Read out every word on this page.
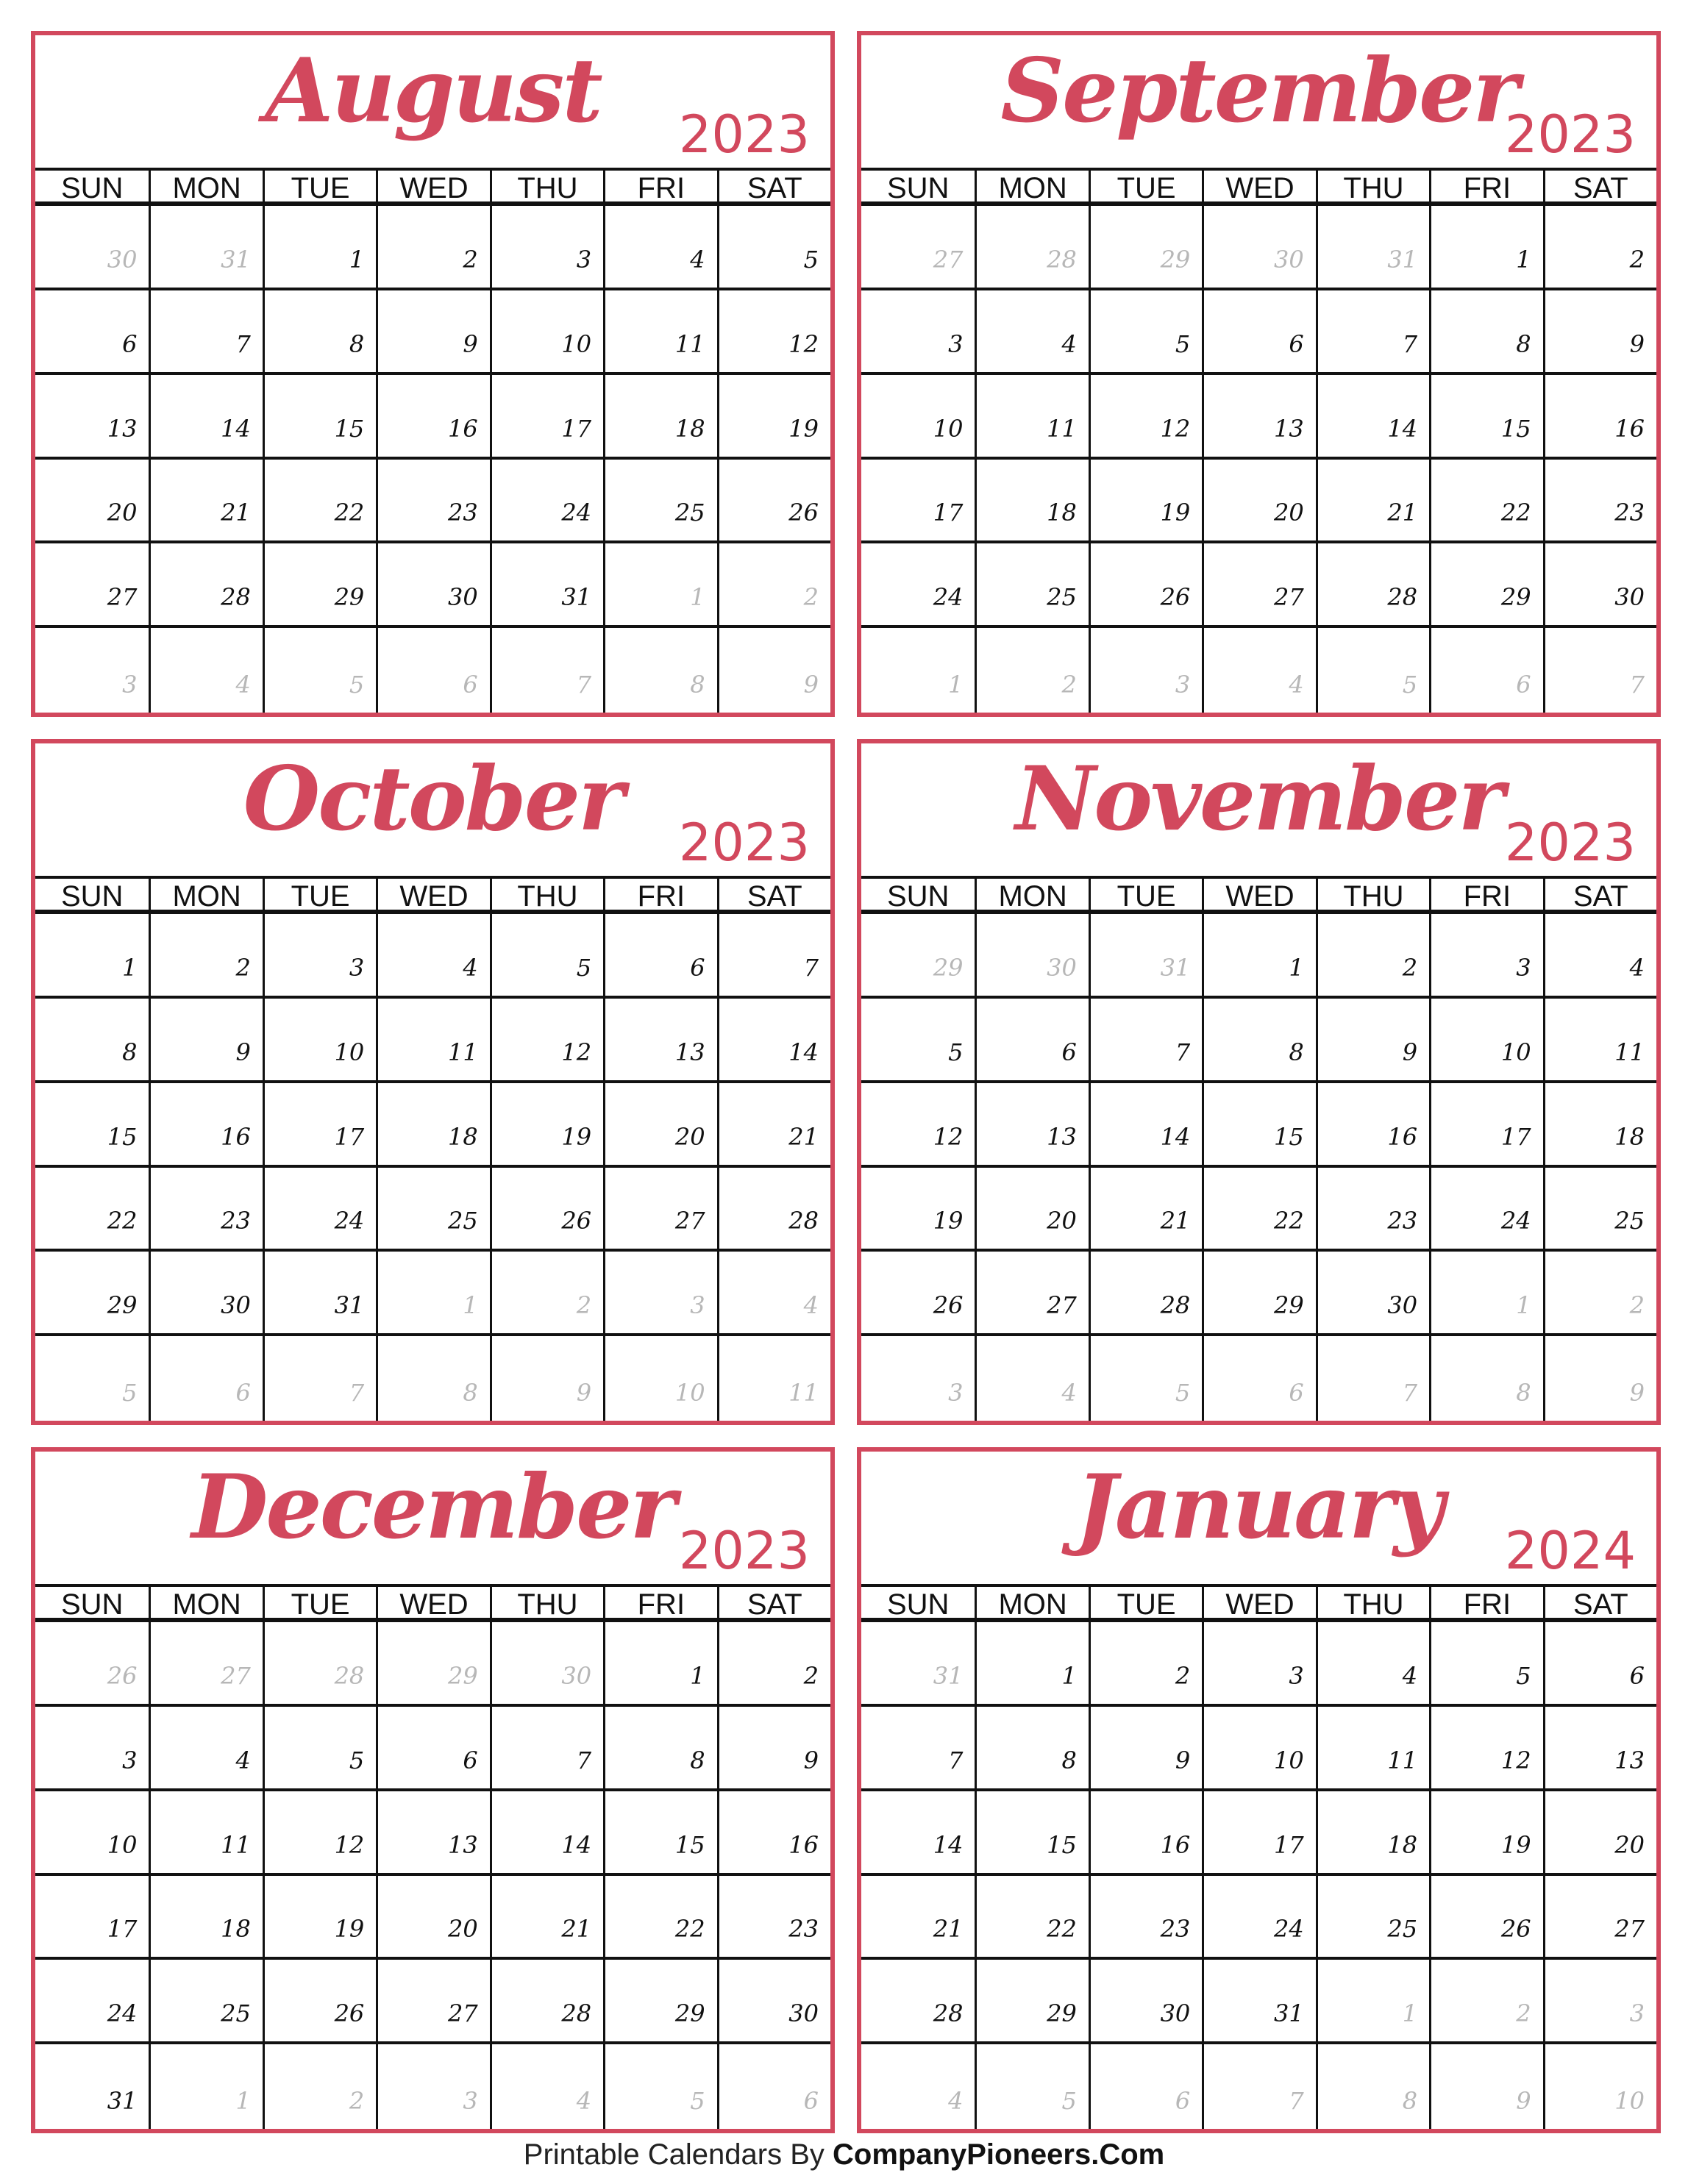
August	2023
SUN	MON	TUE	WED	THU	FRI	SAT
30	31	1	2	3	4	5
6	7	8	9	10	11	12
13	14	15	16	17	18	19
20	21	22	23	24	25	26
27	28	29	30	31	1	2
3	4	5	6	7	8	9
September
2023
SUN	MON	TUE	WED	THU	FRI	SAT
27	28	29	30	31	1	2
3	4	5	6	7	8	9
10	11	12	13	14	15	16
17	18	19	20	21	22	23
24	25	26	27	28	29	30
1	2	3	4	5	6	7
October	2023
SUN	MON	TUE	WED	THU	FRI	SAT
1	2	3	4	5	6	7
8	9	10	11	12	13	14
15	16	17	18	19	20	21
22	23	24	25	26	27	28
29	30	31	1	2	3	4
5	6	7	8	9	10	11
November 2023
SUN	MON	TUE	WED	THU	FRI	SAT
29	30	31	1	2	3	4
5	6	7	8	9	10	11
12	13	14	15	16	17	18
19	20	21	22	23	24	25
26	27	28	29	30	1	2
3	4	5	6	7	8	9
December 2023
SUN	MON	TUE	WED	THU	FRI	SAT
26	27	28	29	30	1	2
3	4	5	6	7	8	9
10	11	12	13	14	15	16
17	18	19	20	21	22	23
24	25	26	27	28	29	30
31	1	2	3	4	5	6
January	2024
SUN	MON	TUE	WED	THU	FRI	SAT
31	1	2	3	4	5	6
7	8	9	10	11	12	13
14	15	16	17	18	19	20
21	22	23	24	25	26	27
28	29	30	31	1	2	3
4	5	6	7	8	9	10
Printable Calendars By CompanyPioneers.Com
